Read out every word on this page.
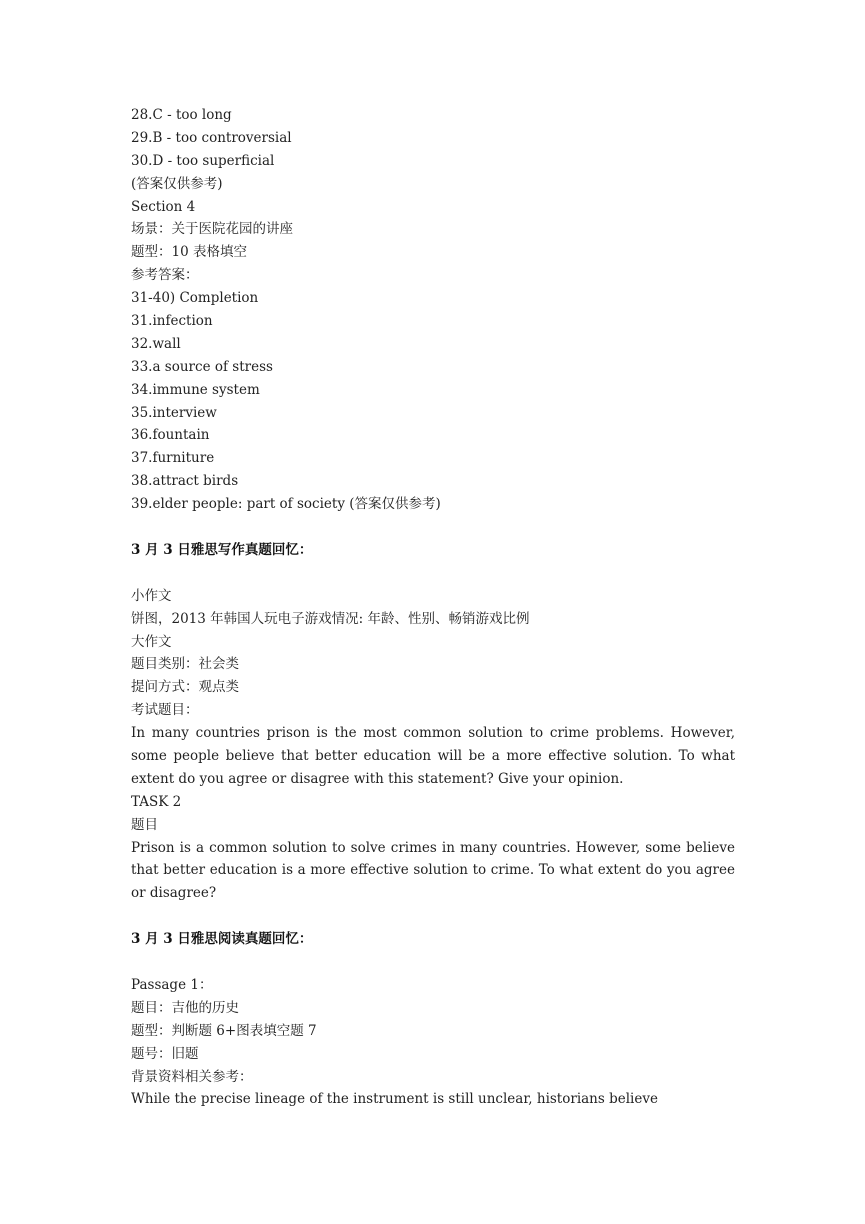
28.C - too long
29.B - too controversial
30.D - too superficial
(答案仅供参考)
Section 4
场景：关于医院花园的讲座
题型：10 表格填空
参考答案：
31-40) Completion
31.infection
32.wall
33.a source of stress
34.immune system
35.interview
36.fountain
37.furniture
38.attract birds
39.elder people: part of society (答案仅供参考)
3 月 3 日雅思写作真题回忆：
小作文
饼图，2013 年韩国人玩电子游戏情况: 年龄、性别、畅销游戏比例
大作文
题目类别：社会类
提问方式：观点类
考试题目：
In many countries prison is the most common solution to crime problems. However, some people believe that better education will be a more effective solution. To what extent do you agree or disagree with this statement? Give your opinion.
TASK 2
题目
Prison is a common solution to solve crimes in many countries. However, some believe that better education is a more effective solution to crime. To what extent do you agree or disagree?
3 月 3 日雅思阅读真题回忆：
Passage 1：
题目：吉他的历史
题型：判断题 6+图表填空题 7
题号：旧题
背景资料相关参考：
While the precise lineage of the instrument is still unclear, historians believe
